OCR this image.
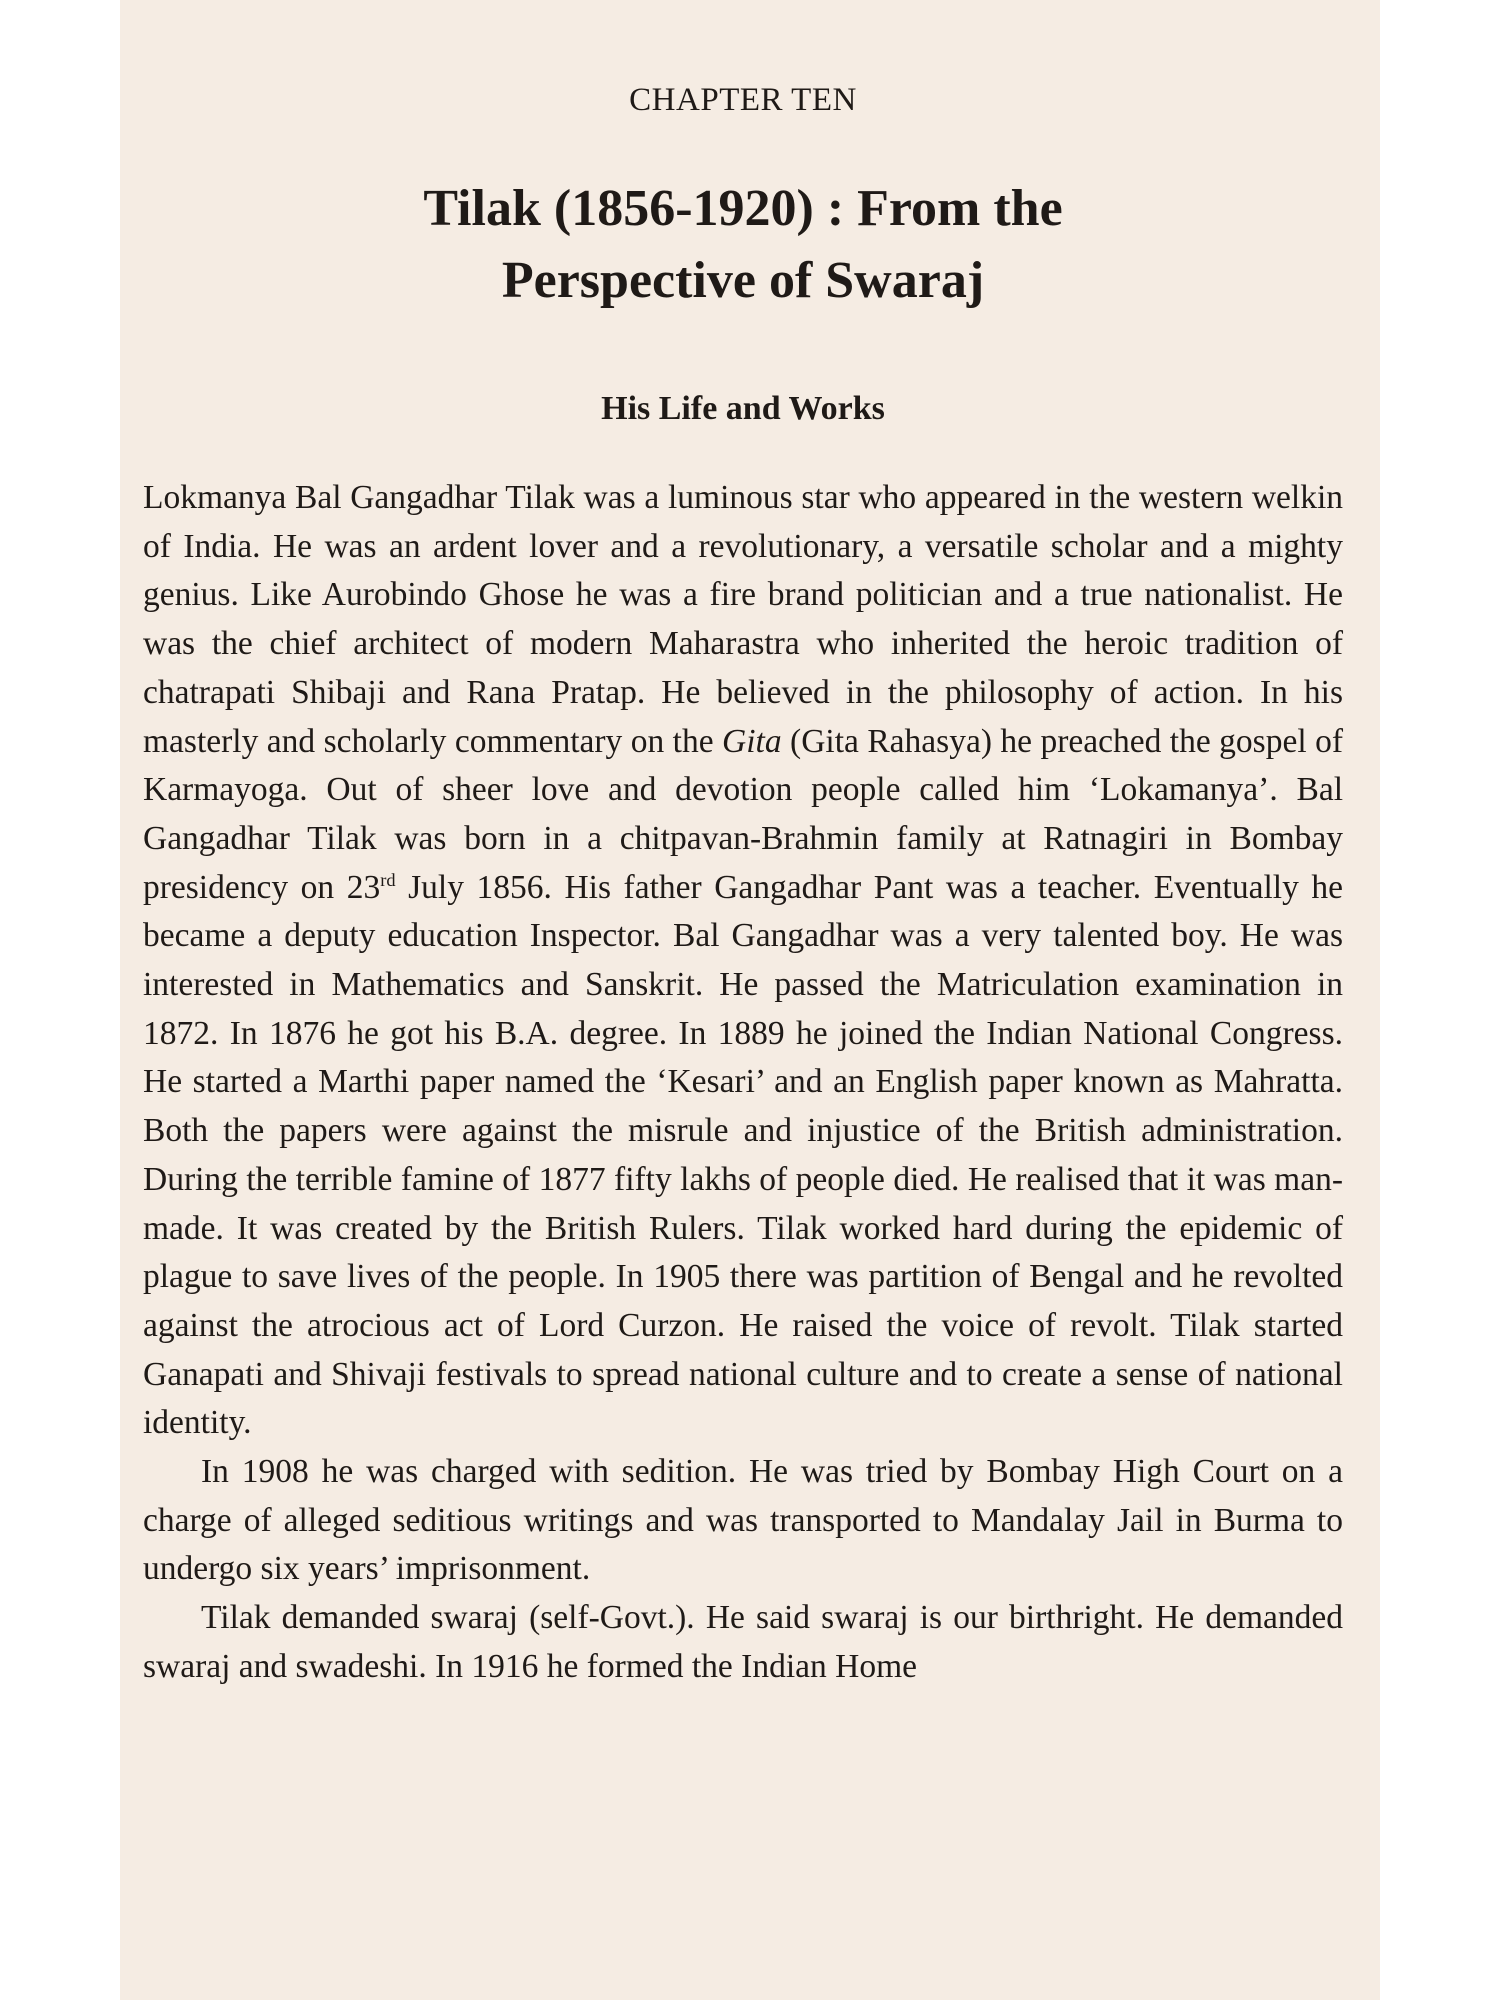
CHAPTER TEN

Tilak (1856-1920) : From the
Perspective of Swaraj
His Life and Works

Lokmanya Bal Gangadhar Tilak was a luminous star who appeared in the western welkin of India. He was an ardent lover and a revolutionary, a versatile scholar and a mighty genius. Like Aurobindo Ghose he was a fire brand politician and a true nationalist. He was the chief architect of modern Maharastra who inherited the heroic tradition of chatrapati Shibaji and Rana Pratap. He believed in the philosophy of action. In his masterly and scholarly commentary on the Gita (Gita Rahasya) he preached the gospel of Karmayoga. Out of sheer love and devotion people called him ‘Lokamanya’. Bal Gangadhar Tilak was born in a chitpavan-Brahmin family at Ratnagiri in Bombay presidency on 23rd July 1856. His father Gangadhar Pant was a teacher. Eventually he became a deputy education Inspector. Bal Gangadhar was a very talented boy. He was interested in Mathematics and Sanskrit. He passed the Matriculation examination in 1872. In 1876 he got his B.A. degree. In 1889 he joined the Indian National Congress. He started a Marthi paper named the ‘Kesari’ and an English paper known as Mahratta. Both the papers were against the misrule and injustice of the British administration. During the terrible famine of 1877 fifty lakhs of people died. He realised that it was man-made. It was created by the British Rulers. Tilak worked hard during the epidemic of plague to save lives of the people. In 1905 there was partition of Bengal and he revolted against the atrocious act of Lord Curzon. He raised the voice of revolt. Tilak started Ganapati and Shivaji festivals to spread national culture and to create a sense of national identity.

In 1908 he was charged with sedition. He was tried by Bombay High Court on a charge of alleged seditious writings and was transported to Mandalay Jail in Burma to undergo six years’ imprisonment.

Tilak demanded swaraj (self-Govt.). He said swaraj is our birthright. He demanded swaraj and swadeshi. In 1916 he formed the Indian Home
